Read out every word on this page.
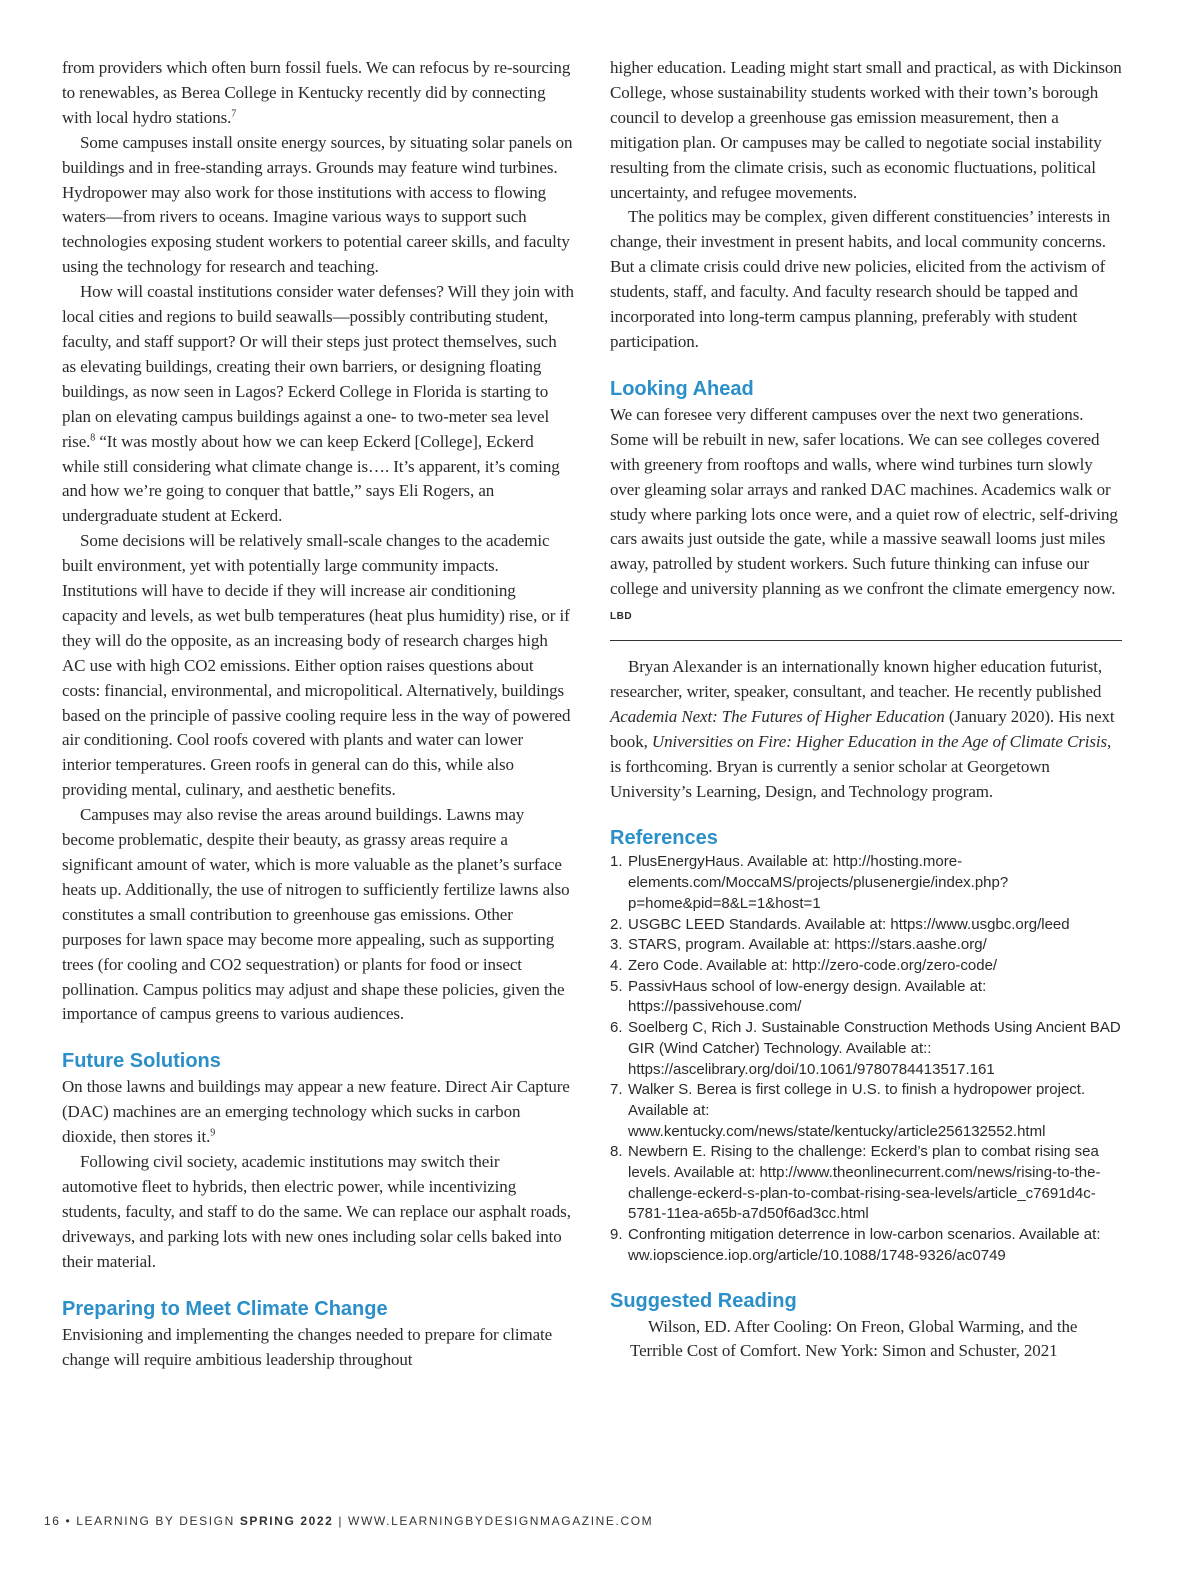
from providers which often burn fossil fuels. We can refocus by re-sourcing to renewables, as Berea College in Kentucky recently did by connecting with local hydro stations.$^7$

Some campuses install onsite energy sources, by situating solar panels on buildings and in free-standing arrays. Grounds may feature wind turbines. Hydropower may also work for those institutions with access to flowing waters—from rivers to oceans. Imagine various ways to support such technologies exposing student workers to potential career skills, and faculty using the technology for research and teaching.

How will coastal institutions consider water defenses? Will they join with local cities and regions to build seawalls—possibly contributing student, faculty, and staff support? Or will their steps just protect themselves, such as elevating buildings, creating their own barriers, or designing floating buildings, as now seen in Lagos? Eckerd College in Florida is starting to plan on elevating campus buildings against a one- to two-meter sea level rise.$^8$ “It was mostly about how we can keep Eckerd [College], Eckerd while still considering what climate change is…. It’s apparent, it’s coming and how we’re going to conquer that battle,” says Eli Rogers, an undergraduate student at Eckerd.

Some decisions will be relatively small-scale changes to the academic built environment, yet with potentially large community impacts. Institutions will have to decide if they will increase air conditioning capacity and levels, as wet bulb temperatures (heat plus humidity) rise, or if they will do the opposite, as an increasing body of research charges high AC use with high CO2 emissions. Either option raises questions about costs: financial, environmental, and micropolitical. Alternatively, buildings based on the principle of passive cooling require less in the way of powered air conditioning. Cool roofs covered with plants and water can lower interior temperatures. Green roofs in general can do this, while also providing mental, culinary, and aesthetic benefits.

Campuses may also revise the areas around buildings. Lawns may become problematic, despite their beauty, as grassy areas require a significant amount of water, which is more valuable as the planet’s surface heats up. Additionally, the use of nitrogen to sufficiently fertilize lawns also constitutes a small contribution to greenhouse gas emissions. Other purposes for lawn space may become more appealing, such as supporting trees (for cooling and CO2 sequestration) or plants for food or insect pollination. Campus politics may adjust and shape these policies, given the importance of campus greens to various audiences.

Future Solutions

On those lawns and buildings may appear a new feature. Direct Air Capture (DAC) machines are an emerging technology which sucks in carbon dioxide, then stores it.$^9$

Following civil society, academic institutions may switch their automotive fleet to hybrids, then electric power, while incentivizing students, faculty, and staff to do the same. We can replace our asphalt roads, driveways, and parking lots with new ones including solar cells baked into their material.

Preparing to Meet Climate Change

Envisioning and implementing the changes needed to prepare for climate change will require ambitious leadership throughout

higher education. Leading might start small and practical, as with Dickinson College, whose sustainability students worked with their town’s borough council to develop a greenhouse gas emission measurement, then a mitigation plan. Or campuses may be called to negotiate social instability resulting from the climate crisis, such as economic fluctuations, political uncertainty, and refugee movements.

The politics may be complex, given different constituencies’ interests in change, their investment in present habits, and local community concerns. But a climate crisis could drive new policies, elicited from the activism of students, staff, and faculty. And faculty research should be tapped and incorporated into long-term campus planning, preferably with student participation.

Looking Ahead

We can foresee very different campuses over the next two generations. Some will be rebuilt in new, safer locations. We can see colleges covered with greenery from rooftops and walls, where wind turbines turn slowly over gleaming solar arrays and ranked DAC machines. Academics walk or study where parking lots once were, and a quiet row of electric, self-driving cars awaits just outside the gate, while a massive seawall looms just miles away, patrolled by student workers. Such future thinking can infuse our college and university planning as we confront the climate emergency now. LBD

Bryan Alexander is an internationally known higher education futurist, researcher, writer, speaker, consultant, and teacher. He recently published Academia Next: The Futures of Higher Education (January 2020). His next book, Universities on Fire: Higher Education in the Age of Climate Crisis, is forthcoming. Bryan is currently a senior scholar at Georgetown University’s Learning, Design, and Technology program.

References
1. PlusEnergyHaus. Available at: http://hosting.more-elements.com/MoccaMS/projects/plusenergie/index.php?p=home&pid=8&L=1&host=1
2. USGBC LEED Standards. Available at: https://www.usgbc.org/leed
3. STARS, program. Available at: https://stars.aashe.org/
4. Zero Code. Available at: http://zero-code.org/zero-code/
5. PassivHaus school of low-energy design. Available at: https://passivehouse.com/
6. Soelberg C, Rich J. Sustainable Construction Methods Using Ancient BAD GIR (Wind Catcher) Technology. Available at:: https://ascelibrary.org/doi/10.1061/9780784413517.161
7. Walker S. Berea is first college in U.S. to finish a hydropower project. Available at: www.kentucky.com/news/state/kentucky/article256132552.html
8. Newbern E. Rising to the challenge: Eckerd’s plan to combat rising sea levels. Available at: http://www.theonlinecurrent.com/news/rising-to-the-challenge-eckerd-s-plan-to-combat-rising-sea-levels/article_c7691d4c-5781-11ea-a65b-a7d50f6ad3cc.html
9. Confronting mitigation deterrence in low-carbon scenarios. Available at: ww.iopscience.iop.org/article/10.1088/1748-9326/ac0749
Suggested Reading

Wilson, ED. After Cooling: On Freon, Global Warming, and the Terrible Cost of Comfort. New York: Simon and Schuster, 2021

16 • LEARNING BY DESIGN SPRING 2022 | WWW.LEARNINGBYDESIGNMAGAZINE.COM
